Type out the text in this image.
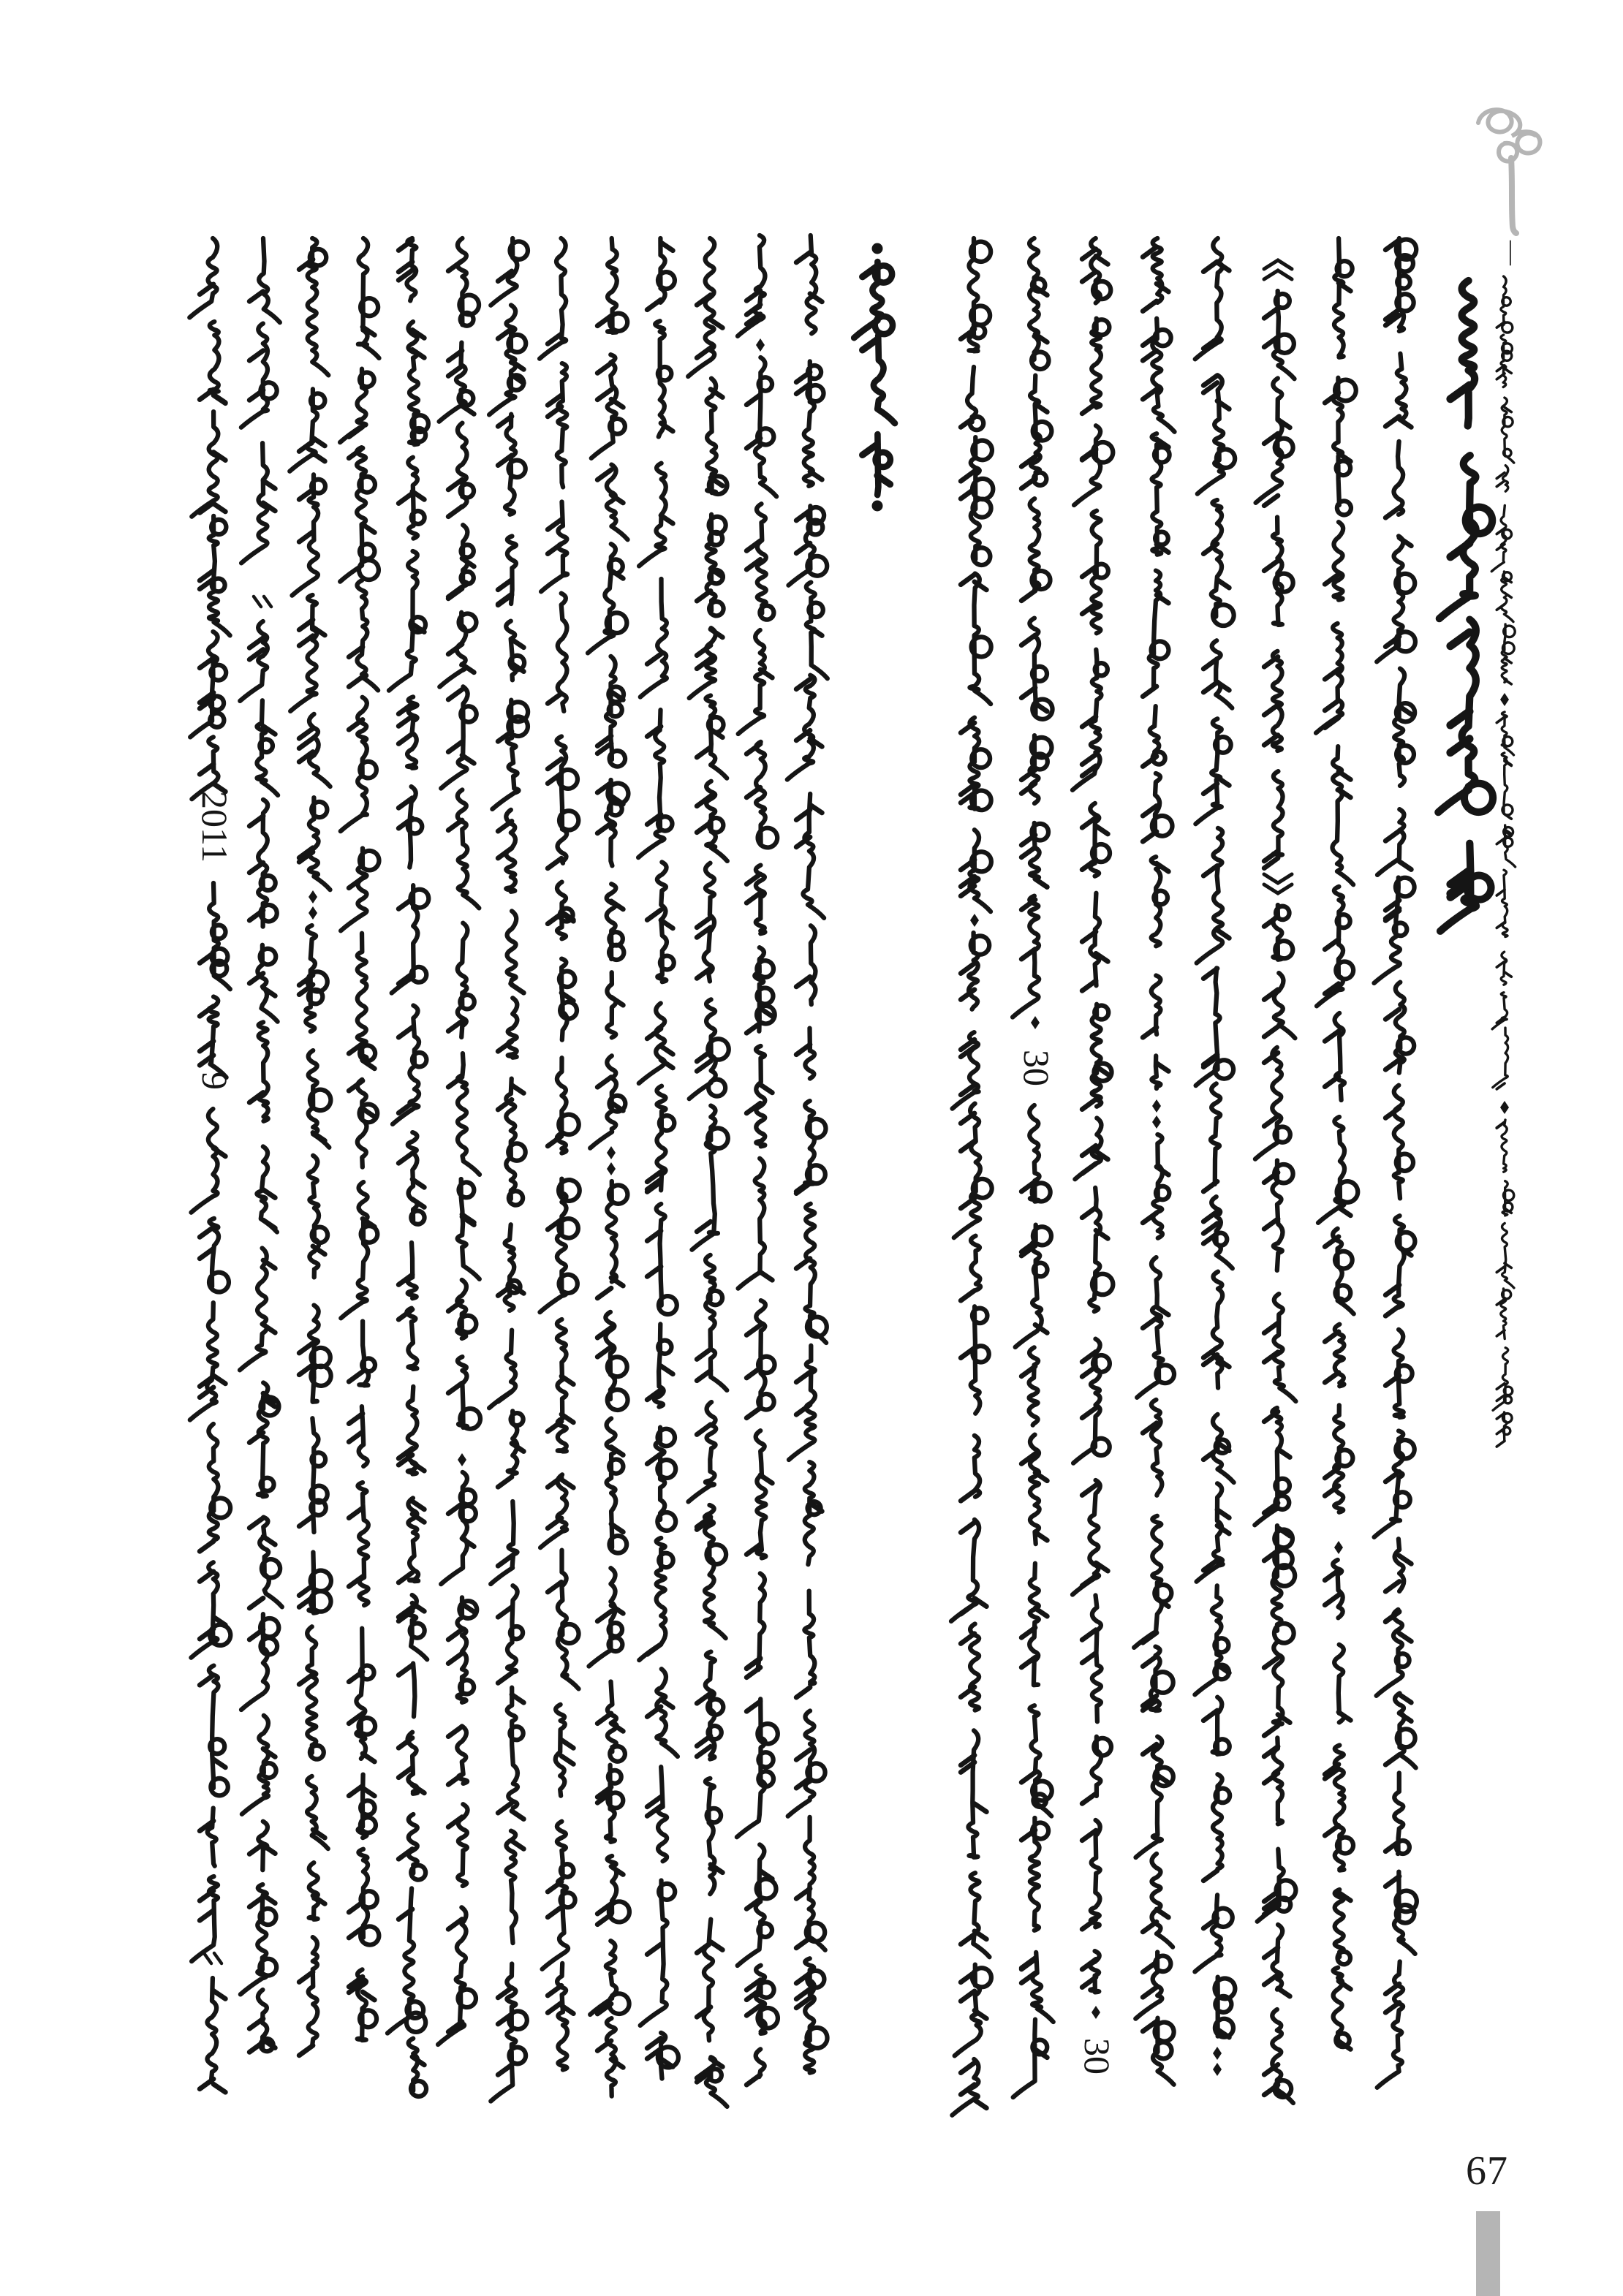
30
30
2011
9
—
67
